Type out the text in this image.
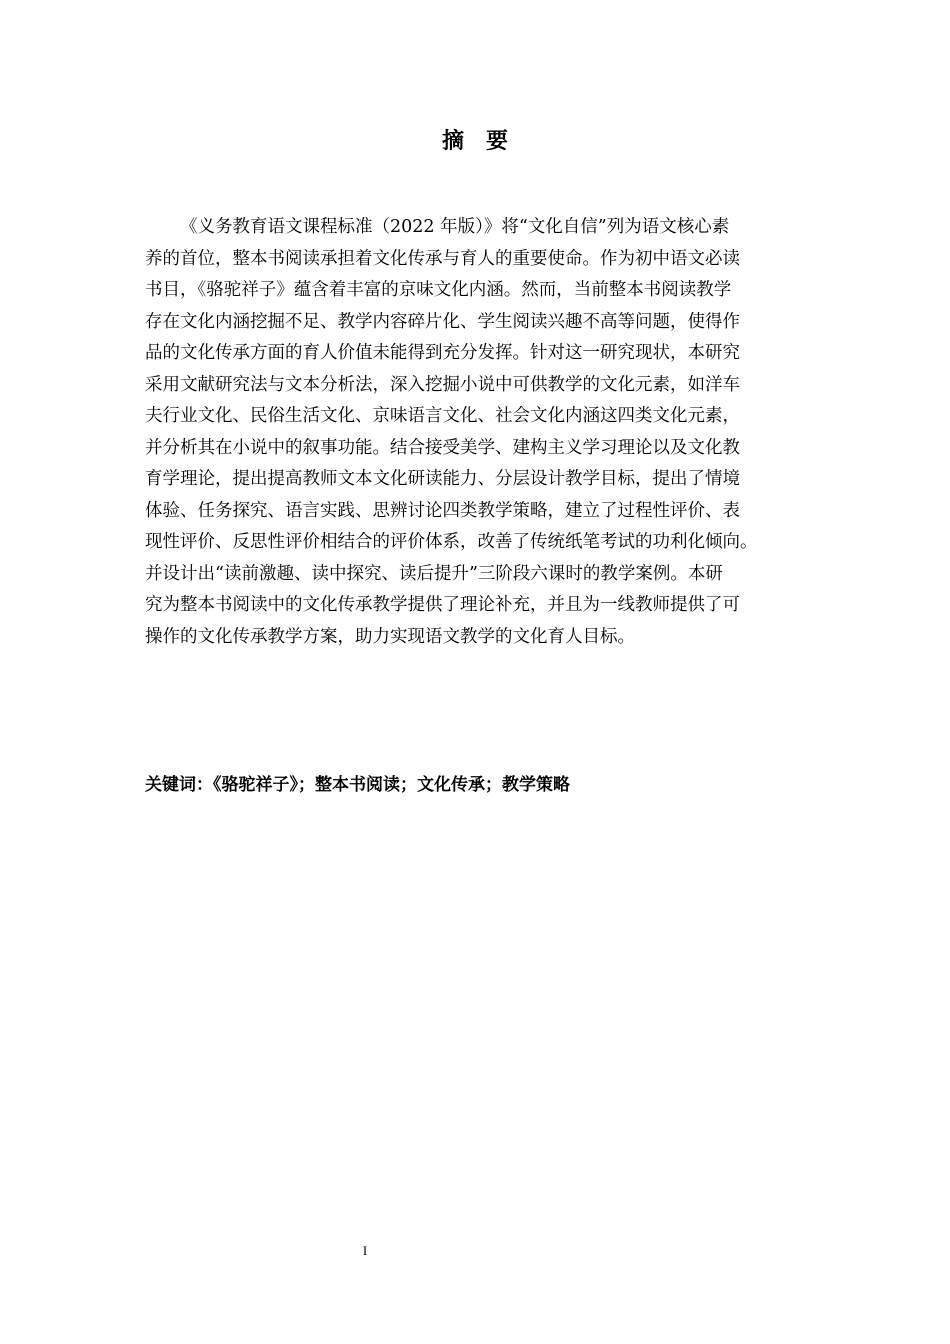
摘 要
《义务教育语文课程标准（2022 年版）》将“文化自信”列为语文核心素
养的首位，整本书阅读承担着文化传承与育人的重要使命。作为初中语文必读
书目，《骆驼祥子》蕴含着丰富的京味文化内涵。然而，当前整本书阅读教学
存在文化内涵挖掘不足、教学内容碎片化、学生阅读兴趣不高等问题，使得作
品的文化传承方面的育人价值未能得到充分发挥。针对这一研究现状，本研究
采用文献研究法与文本分析法，深入挖掘小说中可供教学的文化元素，如洋车
夫行业文化、民俗生活文化、京味语言文化、社会文化内涵这四类文化元素，
并分析其在小说中的叙事功能。结合接受美学、建构主义学习理论以及文化教
育学理论，提出提高教师文本文化研读能力、分层设计教学目标，提出了情境
体验、任务探究、语言实践、思辨讨论四类教学策略，建立了过程性评价、表
现性评价、反思性评价相结合的评价体系，改善了传统纸笔考试的功利化倾向。
并设计出“读前激趣、读中探究、读后提升”三阶段六课时的教学案例。本研
究为整本书阅读中的文化传承教学提供了理论补充，并且为一线教师提供了可
操作的文化传承教学方案，助力实现语文教学的文化育人目标。
关键词：《骆驼祥子》；整本书阅读；文化传承；教学策略
I
